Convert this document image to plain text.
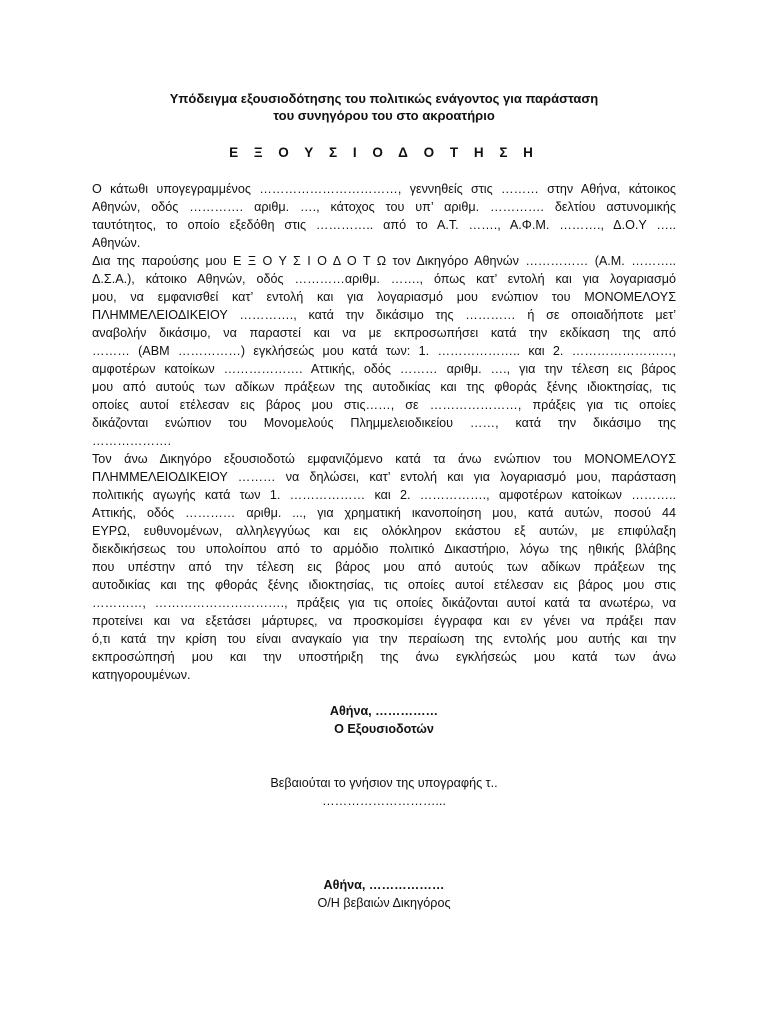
Υπόδειγμα εξουσιοδότησης του πολιτικώς ενάγοντος για παράσταση
του συνηγόρου του στο ακροατήριο
Ε Ξ Ο Υ Σ Ι Ο Δ Ο Τ Η Σ Η
Ο κάτωθι υπογεγραμμένος ……………………………, γεννηθείς στις ……… στην Αθήνα, κάτοικος
Αθηνών, οδός …………. αριθμ. …., κάτοχος του υπ’ αριθμ. …………. δελτίου αστυνομικής
ταυτότητος, το οποίο εξεδόθη στις ………….. από το Α.Τ. ……., Α.Φ.Μ. ………., Δ.Ο.Υ …..
Αθηνών.
Δια της παρούσης μου Ε Ξ Ο Υ Σ Ι Ο Δ Ο Τ Ω τον Δικηγόρο Αθηνών …………… (Α.Μ. ………..
Δ.Σ.Α.), κάτοικο Αθηνών, οδός …………αριθμ. ……., όπως κατ’ εντολή και για λογαριασμό
μου, να εμφανισθεί κατ’ εντολή και για λογαριασμό μου ενώπιον του ΜΟΝΟΜΕΛΟΥΣ
ΠΛΗΜΜΕΛΕΙΟΔΙΚΕΙΟΥ …………., κατά την δικάσιμο της ………… ή σε οποιαδήποτε μετ’
αναβολήν δικάσιμο, να παραστεί και να με εκπροσωπήσει κατά την εκδίκαση της από
……… (ΑΒΜ ……………) εγκλήσεώς μου κατά των: 1. ……………….. και 2. ……………………,
αμφοτέρων κατοίκων ………………. Αττικής, οδός ……… αριθμ. …., για την τέλεση εις βάρος
μου από αυτούς των αδίκων πράξεων της αυτοδικίας και της φθοράς ξένης ιδιοκτησίας, τις
οποίες αυτοί ετέλεσαν εις βάρος μου στις……, σε …………………, πράξεις για τις οποίες
δικάζονται ενώπιον του Μονομελούς Πλημμελειοδικείου ……, κατά την δικάσιμο της
……………….
Τον άνω Δικηγόρο εξουσιοδοτώ εμφανιζόμενο κατά τα άνω ενώπιον του ΜΟΝΟΜΕΛΟΥΣ
ΠΛΗΜΜΕΛΕΙΟΔΙΚΕΙΟΥ ……… να δηλώσει, κατ’ εντολή και για λογαριασμό μου, παράσταση
πολιτικής αγωγής κατά των 1. ……………… και 2. ……………., αμφοτέρων κατοίκων ………..
Αττικής, οδός ………… αριθμ. ..., για χρηματική ικανοποίηση μου, κατά αυτών, ποσού 44
ΕΥΡΩ, ευθυνομένων, αλληλεγγύως και εις ολόκληρον εκάστου εξ αυτών, με επιφύλαξη
διεκδικήσεως του υπολοίπου από το αρμόδιο πολιτικό Δικαστήριο, λόγω της ηθικής βλάβης
που υπέστην από την τέλεση εις βάρος μου από αυτούς των αδίκων πράξεων της
αυτοδικίας και της φθοράς ξένης ιδιοκτησίας, τις οποίες αυτοί ετέλεσαν εις βάρος μου στις
…………, …………………………., πράξεις για τις οποίες δικάζονται αυτοί κατά τα ανωτέρω, να
προτείνει και να εξετάσει μάρτυρες, να προσκομίσει έγγραφα και εν γένει να πράξει παν
ό,τι κατά την κρίση του είναι αναγκαίο για την περαίωση της εντολής μου αυτής και την
εκπροσώπησή μου και την υποστήριξη της άνω εγκλήσεώς μου κατά των άνω
κατηγορουμένων.
Αθήνα, ……………
Ο Εξουσιοδοτών
Βεβαιούται το γνήσιον της υπογραφής τ..
………………………...
Αθήνα, ………………
Ο/Η βεβαιών Δικηγόρος
